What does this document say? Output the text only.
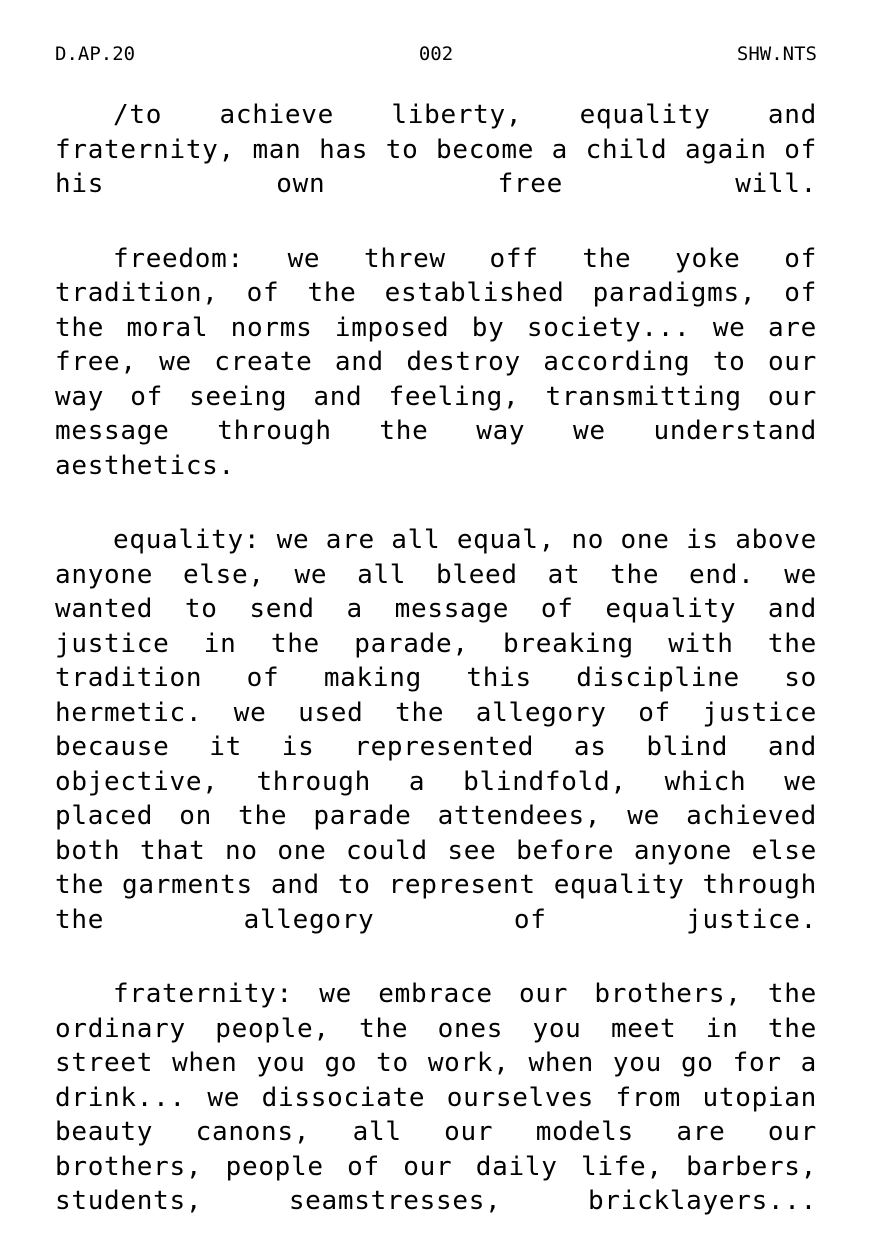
002
D.AP.20	SHW.NTS

/to achieve liberty, equality and fraternity, man has to become a child again of his own free will.

freedom: we threw off the yoke of tradition, of the established paradigms, of the moral norms imposed by society... we are free, we create and destroy according to our way of seeing and feeling, transmitting our message through the way we understand aesthetics.

equality: we are all equal, no one is above anyone else, we all bleed at the end. we wanted to send a message of equality and justice in the parade, breaking with the tradition of making this discipline so hermetic. we used the allegory of justice because it is represented as blind and objective, through a blindfold, which we placed on the parade attendees, we achieved both that no one could see before anyone else the garments and to represent equality through the allegory of justice.

fraternity: we embrace our brothers, the ordinary people, the ones you meet in the street when you go to work, when you go for a drink... we dissociate ourselves from utopian beauty canons, all our models are our brothers, people of our daily life, barbers, students, seamstresses, bricklayers...
